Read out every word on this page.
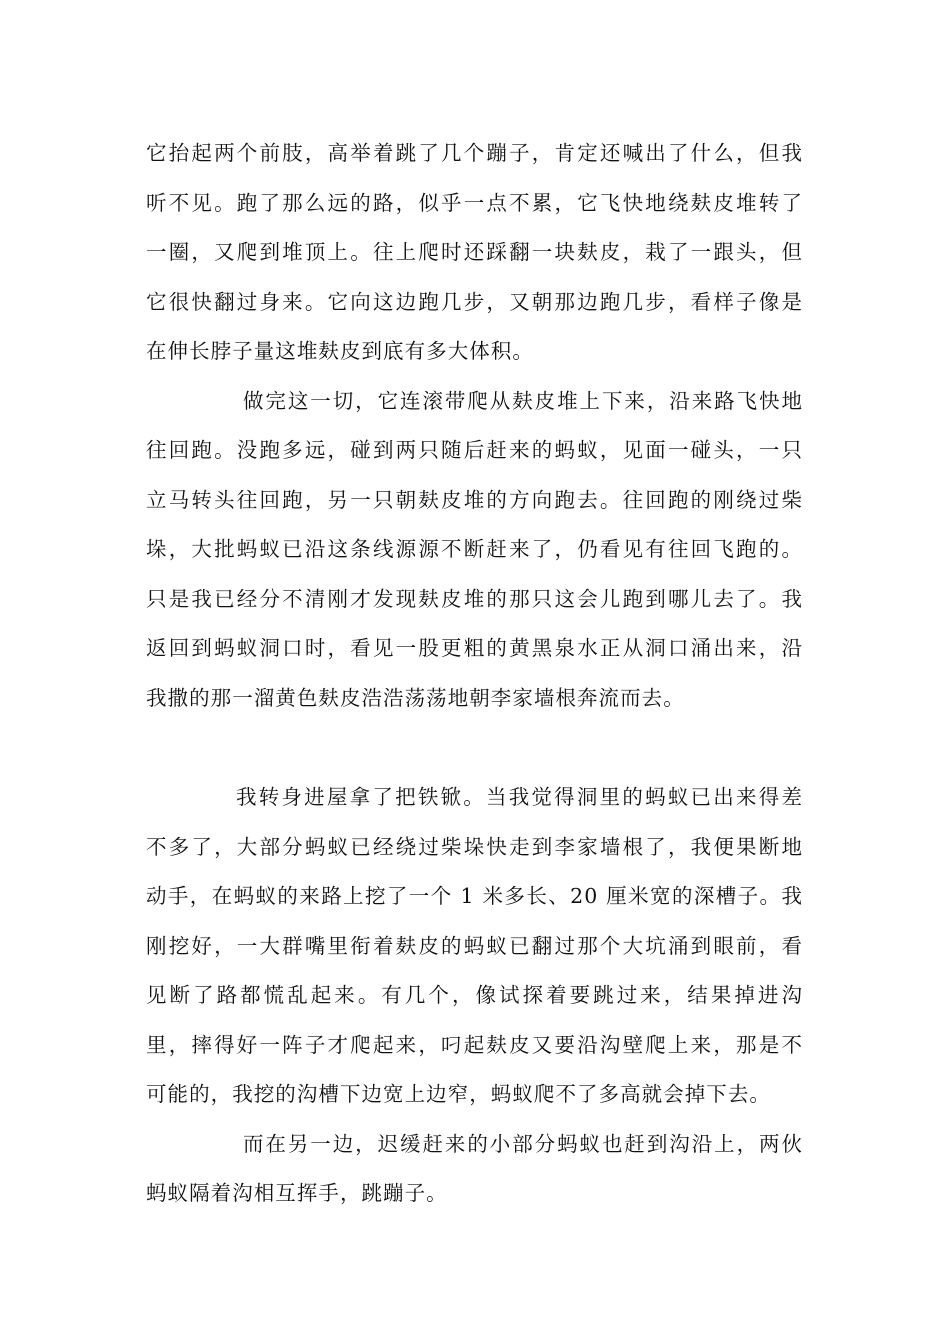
它抬起两个前肢，高举着跳了几个蹦子，肯定还喊出了什么，但我
听不见。跑了那么远的路，似乎一点不累，它飞快地绕麸皮堆转了
一圈，又爬到堆顶上。往上爬时还踩翻一块麸皮，栽了一跟头，但
它很快翻过身来。它向这边跑几步，又朝那边跑几步，看样子像是
在伸长脖子量这堆麸皮到底有多大体积。
做完这一切，它连滚带爬从麸皮堆上下来，沿来路飞快地
往回跑。没跑多远，碰到两只随后赶来的蚂蚁，见面一碰头，一只
立马转头往回跑，另一只朝麸皮堆的方向跑去。往回跑的刚绕过柴
垛，大批蚂蚁已沿这条线源源不断赶来了，仍看见有往回飞跑的。
只是我已经分不清刚才发现麸皮堆的那只这会儿跑到哪儿去了。我
返回到蚂蚁洞口时，看见一股更粗的黄黑泉水正从洞口涌出来，沿
我撒的那一溜黄色麸皮浩浩荡荡地朝李家墙根奔流而去。
我转身进屋拿了把铁锨。当我觉得洞里的蚂蚁已出来得差
不多了，大部分蚂蚁已经绕过柴垛快走到李家墙根了，我便果断地
动手，在蚂蚁的来路上挖了一个 1 米多长、20 厘米宽的深槽子。我
刚挖好，一大群嘴里衔着麸皮的蚂蚁已翻过那个大坑涌到眼前，看
见断了路都慌乱起来。有几个，像试探着要跳过来，结果掉进沟
里，摔得好一阵子才爬起来，叼起麸皮又要沿沟壁爬上来，那是不
可能的，我挖的沟槽下边宽上边窄，蚂蚁爬不了多高就会掉下去。
而在另一边，迟缓赶来的小部分蚂蚁也赶到沟沿上，两伙
蚂蚁隔着沟相互挥手，跳蹦子。
